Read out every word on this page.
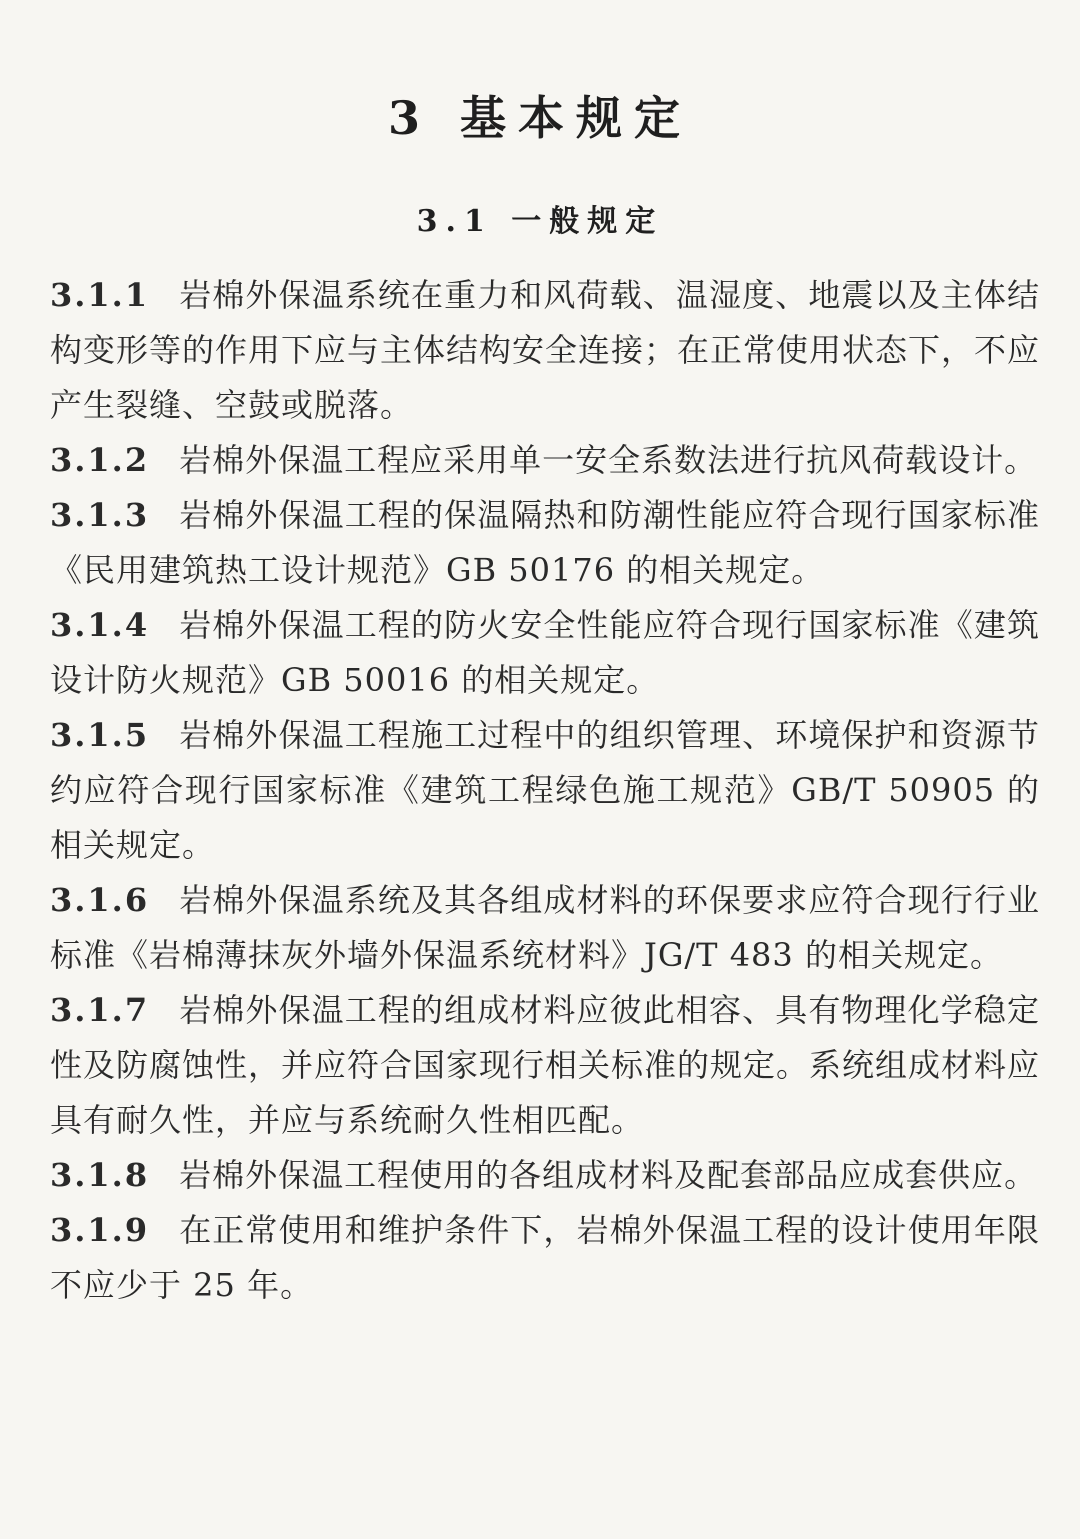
3 基本规定
3.1 一般规定

3.1.1 岩棉外保温系统在重力和风荷载、温湿度、地震以及主体结构变形等的作用下应与主体结构安全连接；在正常使用状态下，不应产生裂缝、空鼓或脱落。

3.1.2 岩棉外保温工程应采用单一安全系数法进行抗风荷载设计。

3.1.3 岩棉外保温工程的保温隔热和防潮性能应符合现行国家标准《民用建筑热工设计规范》GB 50176 的相关规定。

3.1.4 岩棉外保温工程的防火安全性能应符合现行国家标准《建筑设计防火规范》GB 50016 的相关规定。

3.1.5 岩棉外保温工程施工过程中的组织管理、环境保护和资源节约应符合现行国家标准《建筑工程绿色施工规范》GB/T 50905 的相关规定。

3.1.6 岩棉外保温系统及其各组成材料的环保要求应符合现行行业标准《岩棉薄抹灰外墙外保温系统材料》JG/T 483 的相关规定。

3.1.7 岩棉外保温工程的组成材料应彼此相容、具有物理化学稳定性及防腐蚀性，并应符合国家现行相关标准的规定。系统组成材料应具有耐久性，并应与系统耐久性相匹配。

3.1.8 岩棉外保温工程使用的各组成材料及配套部品应成套供应。

3.1.9 在正常使用和维护条件下，岩棉外保温工程的设计使用年限不应少于 25 年。
